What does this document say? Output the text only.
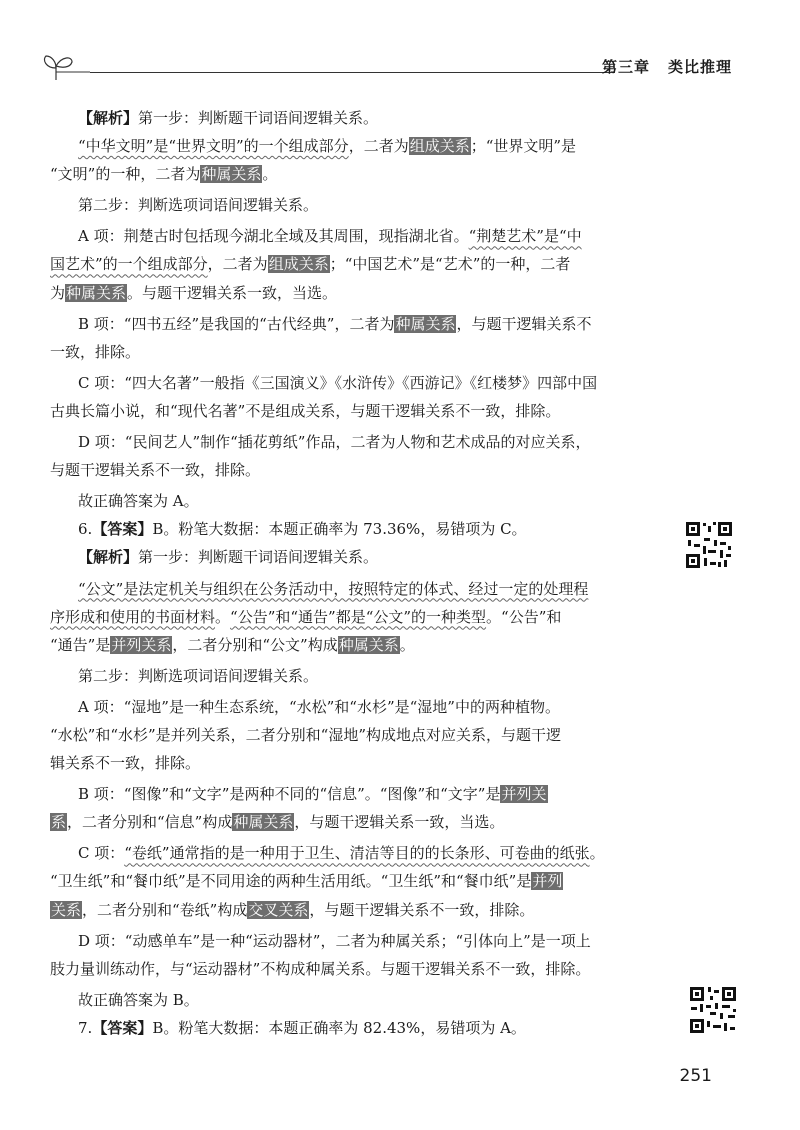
第三章 类比推理
【解析】第一步：判断题干词语间逻辑关系。
“中华文明”是“世界文明”的一个组成部分，二者为组成关系；“世界文明”是
“文明”的一种，二者为种属关系。
第二步：判断选项词语间逻辑关系。
A 项：荆楚古时包括现今湖北全域及其周围，现指湖北省。“荆楚艺术”是“中
国艺术”的一个组成部分，二者为组成关系；“中国艺术”是“艺术”的一种，二者
为种属关系。与题干逻辑关系一致，当选。
B 项：“四书五经”是我国的“古代经典”，二者为种属关系，与题干逻辑关系不
一致，排除。
C 项：“四大名著”一般指《三国演义》《水浒传》《西游记》《红楼梦》四部中国
古典长篇小说，和“现代名著”不是组成关系，与题干逻辑关系不一致，排除。
D 项：“民间艺人”制作“插花剪纸”作品，二者为人物和艺术成品的对应关系，
与题干逻辑关系不一致，排除。
故正确答案为 A。
6.【答案】B。粉笔大数据：本题正确率为 73.36%，易错项为 C。
【解析】第一步：判断题干词语间逻辑关系。
“公文”是法定机关与组织在公务活动中，按照特定的体式、经过一定的处理程
序形成和使用的书面材料。“公告”和“通告”都是“公文”的一种类型。“公告”和
“通告”是并列关系，二者分别和“公文”构成种属关系。
第二步：判断选项词语间逻辑关系。
A 项：“湿地”是一种生态系统，“水松”和“水杉”是“湿地”中的两种植物。
“水松”和“水杉”是并列关系，二者分别和“湿地”构成地点对应关系，与题干逻
辑关系不一致，排除。
B 项：“图像”和“文字”是两种不同的“信息”。“图像”和“文字”是并列关
系，二者分别和“信息”构成种属关系，与题干逻辑关系一致，当选。
C 项：“卷纸”通常指的是一种用于卫生、清洁等目的的长条形、可卷曲的纸张。
“卫生纸”和“餐巾纸”是不同用途的两种生活用纸。“卫生纸”和“餐巾纸”是并列
关系，二者分别和“卷纸”构成交叉关系，与题干逻辑关系不一致，排除。
D 项：“动感单车”是一种“运动器材”，二者为种属关系；“引体向上”是一项上
肢力量训练动作，与“运动器材”不构成种属关系。与题干逻辑关系不一致，排除。
故正确答案为 B。
7.【答案】B。粉笔大数据：本题正确率为 82.43%，易错项为 A。
251
